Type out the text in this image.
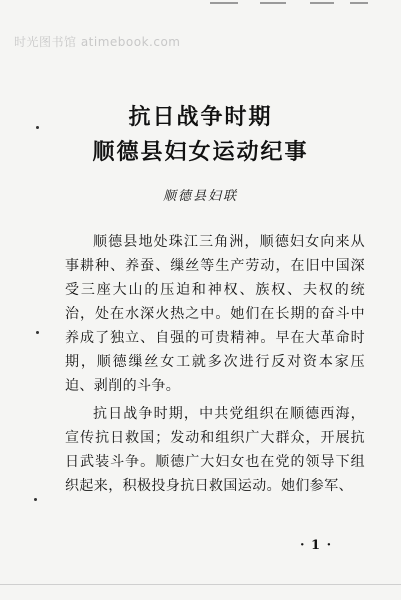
时光图书馆 atimebook.com
抗日战争时期
顺德县妇女运动纪事
顺德县妇联

顺德县地处珠江三角洲，顺德妇女向来从事耕种、养蚕、缫丝等生产劳动，在旧中国深受三座大山的压迫和神权、族权、夫权的统治，处在水深火热之中。她们在长期的奋斗中养成了独立、自强的可贵精神。早在大革命时期，顺德缫丝女工就多次进行反对资本家压迫、剥削的斗争。

抗日战争时期，中共党组织在顺德西海，宣传抗日救国；发动和组织广大群众，开展抗日武装斗争。顺德广大妇女也在党的领导下组织起来，积极投身抗日救国运动。她们参军、

· 1 ·
